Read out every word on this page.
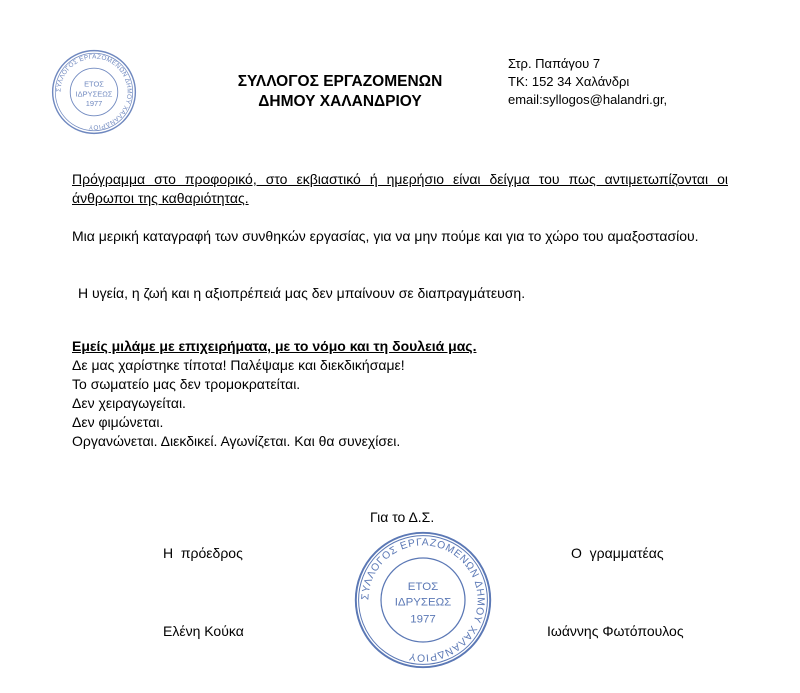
ΣΥΛΛΟΓΟΣ ΕΡΓΑΖΟΜΕΝΩΝ ΔΗΜΟΥ ΧΑΛΑΝΔΡΙΟΥ
ΕΤΟΣ
ΙΔΡΥΣΕΩΣ
1977
ΣΥΛΛΟΓΟΣ ΕΡΓΑΖΟΜΕΝΩΝ
ΔΗΜΟΥ ΧΑΛΑΝΔΡΙΟΥ
Στρ. Παπάγου 7
ΤΚ: 152 34 Χαλάνδρι
email:syllogos@halandri.gr,
Πρόγραμμα στο προφορικό, στο εκβιαστικό ή ημερήσιο είναι δείγμα του πως αντιμετωπίζονται οι άνθρωποι της καθαριότητας.
Μια μερική καταγραφή των συνθηκών εργασίας, για να μην πούμε και για το χώρο του αμαξοστασίου.
Η υγεία, η ζωή και η αξιοπρέπειά μας δεν μπαίνουν σε διαπραγμάτευση.
Εμείς μιλάμε με επιχειρήματα, με το νόμο και τη δουλειά μας.
Δε μας χαρίστηκε τίποτα! Παλέψαμε και διεκδικήσαμε!
Το σωματείο μας δεν τρομοκρατείται.
Δεν χειραγωγείται.
Δεν φιμώνεται.
Οργανώνεται. Διεκδικεί. Αγωνίζεται. Και θα συνεχίσει.
Για το Δ.Σ.
Η  πρόεδρος	Ο  γραμματέας
Ελένη Κούκα	Ιωάννης Φωτόπουλος
ΣΥΛΛΟΓΟΣ ΕΡΓΑΖΟΜΕΝΩΝ ΔΗΜΟΥ ΧΑΛΑΝΔΡΙΟΥ
ΕΤΟΣ
ΙΔΡΥΣΕΩΣ
1977
